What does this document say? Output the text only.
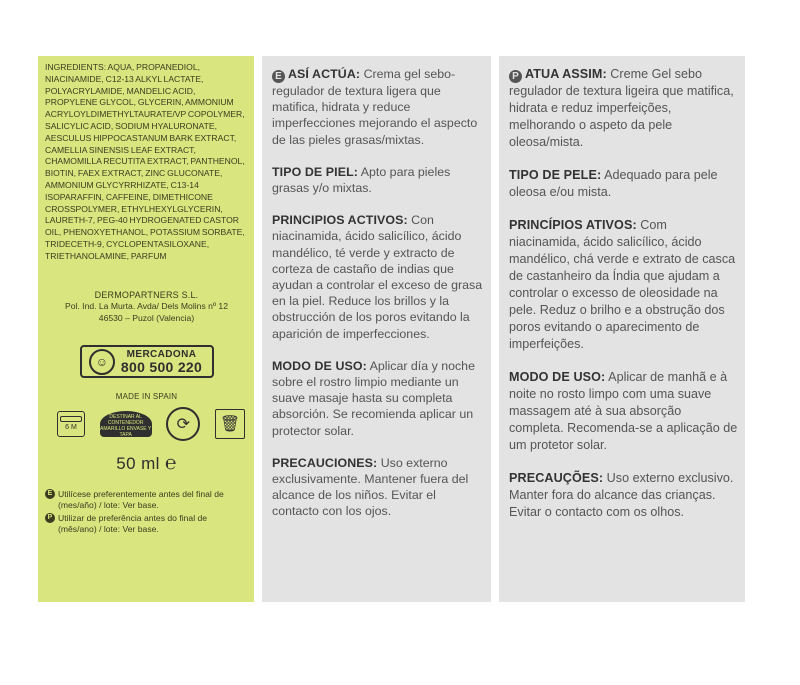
INGREDIENTS: AQUA, PROPANEDIOL, NIACINAMIDE, C12-13 ALKYL LACTATE, POLYACRYLAMIDE, MANDELIC ACID, PROPYLENE GLYCOL, GLYCERIN, AMMONIUM ACRYLOYLDIMETHYLTAURATE/VP COPOLYMER, SALICYLIC ACID, SODIUM HYALURONATE, AESCULUS HIPPOCASTANUM BARK EXTRACT, CAMELLIA SINENSIS LEAF EXTRACT, CHAMOMILLA RECUTITA EXTRACT, PANTHENOL, BIOTIN, FAEX EXTRACT, ZINC GLUCONATE, AMMONIUM GLYCYRRHIZATE, C13-14 ISOPARAFFIN, CAFFEINE, DIMETHICONE CROSSPOLYMER, ETHYLHEXYLGLYCERIN, LAURETH-7, PEG-40 HYDROGENATED CASTOR OIL, PHENOXYETHANOL, POTASSIUM SORBATE, TRIDECETH-9, CYCLOPENTASILOXANE, TRIETHANOLAMINE, PARFUM

DERMOPARTNERS S.L.
Pol. Ind. La Murta. Avda/ Dels Molins nº 12
46530 – Puzol (Valencia)
☺	MERCADONA
800 500 220
MADE IN SPAIN
6 M
DESTINAR AL CONTENEDOR AMARILLO ENVASE Y TAPA
⟳	🗑
50 ml ℮
E Utilícese preferentemente antes del final de (mes/año) / lote: Ver base.
P Utilizar de preferência antes do final de (mês/ano) / lote: Ver base.

E ASÍ ACTÚA: Crema gel sebo-regulador de textura ligera que matifica, hidrata y reduce imperfecciones mejorando el aspecto de las pieles grasas/mixtas.

TIPO DE PIEL: Apto para pieles grasas y/o mixtas.

PRINCIPIOS ACTIVOS: Con niacinamida, ácido salicílico, ácido mandélico, té verde y extracto de corteza de castaño de indias que ayudan a controlar el exceso de grasa en la piel. Reduce los brillos y la obstrucción de los poros evitando la aparición de imperfecciones.

MODO DE USO: Aplicar día y noche sobre el rostro limpio mediante un suave masaje hasta su completa absorción. Se recomienda aplicar un protector solar.

PRECAUCIONES: Uso externo exclusivamente. Mantener fuera del alcance de los niños. Evitar el contacto con los ojos.

P ATUA ASSIM: Creme Gel sebo regulador de textura ligeira que matifica, hidrata e reduz imperfeições, melhorando o aspeto da pele oleosa/mista.

TIPO DE PELE: Adequado para pele oleosa e/ou mista.

PRINCÍPIOS ATIVOS: Com niacinamida, ácido salicílico, ácido mandélico, chá verde e extrato de casca de castanheiro da Índia que ajudam a controlar o excesso de oleosidade na pele. Reduz o brilho e a obstrução dos poros evitando o aparecimento de imperfeições.

MODO DE USO: Aplicar de manhã e à noite no rosto limpo com uma suave massagem até à sua absorção completa. Recomenda-se a aplicação de um protetor solar.

PRECAUÇÕES: Uso externo exclusivo. Manter fora do alcance das crianças. Evitar o contacto com os olhos.
